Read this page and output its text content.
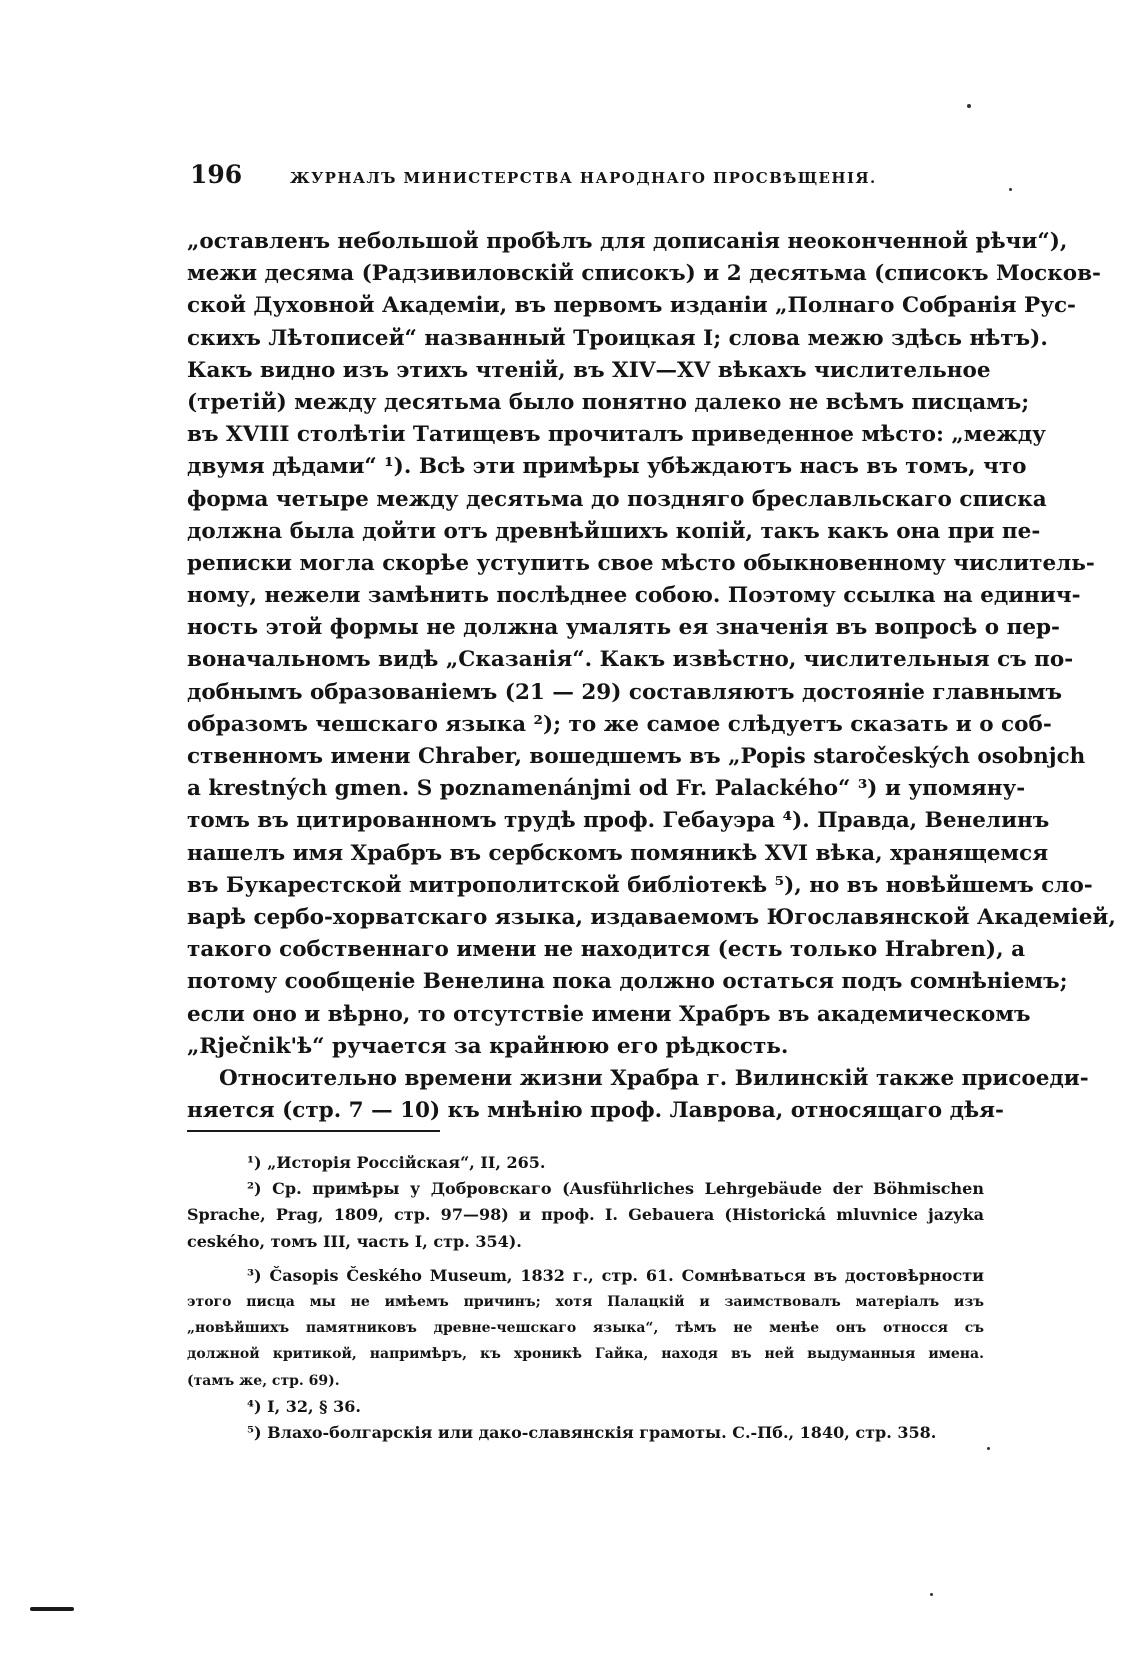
196	ЖУРНАЛЪ МИНИСТЕРСТВА НАРОДНАГО ПРОСВѢЩЕНІЯ.
„оставленъ небольшой пробѣлъ для дописанія неоконченной рѣчи“),
межи десяма (Радзивиловскій списокъ) и 2 десятьма (списокъ Москов-
ской Духовной Академіи, въ первомъ изданіи „Полнаго Собранія Рус-
скихъ Лѣтописей“ названный Троицкая I; слова межю здѣсь нѣтъ).
Какъ видно изъ этихъ чтеній, въ XIV—XV вѣкахъ числительное
(третій) между десятьма было понятно далеко не всѣмъ писцамъ;
въ XVIII столѣтіи Татищевъ прочиталъ приведенное мѣсто: „между
двумя дѣдами“ ¹). Всѣ эти примѣры убѣждаютъ насъ въ томъ, что
форма четыре между десятьма до поздняго бреславльскаго списка
должна была дойти отъ древнѣйшихъ копій, такъ какъ она при пе-
реписки могла скорѣе уступить свое мѣсто обыкновенному числитель-
ному, нежели замѣнить послѣднее собою. Поэтому ссылка на единич-
ность этой формы не должна умалять ея значенія въ вопросѣ о пер-
воначальномъ видѣ „Сказанія“. Какъ извѣстно, числительныя съ по-
добнымъ образованіемъ (21 — 29) составляютъ достояніе главнымъ
образомъ чешскаго языка ²); то же самое слѣдуетъ сказать и о соб-
ственномъ имени Chraber, вошедшемъ въ „Popis staročeských osobnјch
a krestných gmen. S poznamenánjmi od Fr. Palackého“ ³) и упомяну-
томъ въ цитированномъ трудѣ проф. Гебауэра ⁴). Правда, Венелинъ
нашелъ имя Храбръ въ сербскомъ помяникѣ XVI вѣка, хранящемся
въ Букарестской митрополитской библіотекѣ ⁵), но въ новѣйшемъ сло-
варѣ сербо-хорватскаго языка, издаваемомъ Югославянской Академіей,
такого собственнаго имени не находится (есть только Hrabren), а
потому сообщеніе Венелина пока должно остаться подъ сомнѣніемъ;
если оно и вѣрно, то отсутствіе имени Храбръ въ академическомъ
„Rječnik'ѣ“ ручается за крайнюю его рѣдкость.
Относительно времени жизни Храбра г. Вилинскій также присоеди-
няется (стр. 7 — 10) къ мнѣнію проф. Лаврова, относящаго дѣя-
¹) „Исторія Россійская“, II, 265.
²) Ср. примѣры у Добровскаго (Ausführliches Lehrgebäude der Böhmischen
Sprache, Prag, 1809, стр. 97—98) и проф. I. Gebauera (Historická mluvnice jazyka
ceského, томъ III, часть I, стр. 354).
³) Časopis Českého Museum, 1832 г., стр. 61. Сомнѣваться въ достовѣрности
этого писца мы не имѣемъ причинъ; хотя Палацкій и заимствовалъ матеріалъ изъ
„новѣйшихъ памятниковъ древне-чешскаго языка“, тѣмъ не менѣе онъ относся съ
должной критикой, напримѣръ, къ хроникѣ Гайка, находя въ ней выдуманныя имена.
(тамъ же, стр. 69).
⁴) I, 32, § 36.
⁵) Влахо-болгарскія или дако-славянскія грамоты. С.-Пб., 1840, стр. 358.
